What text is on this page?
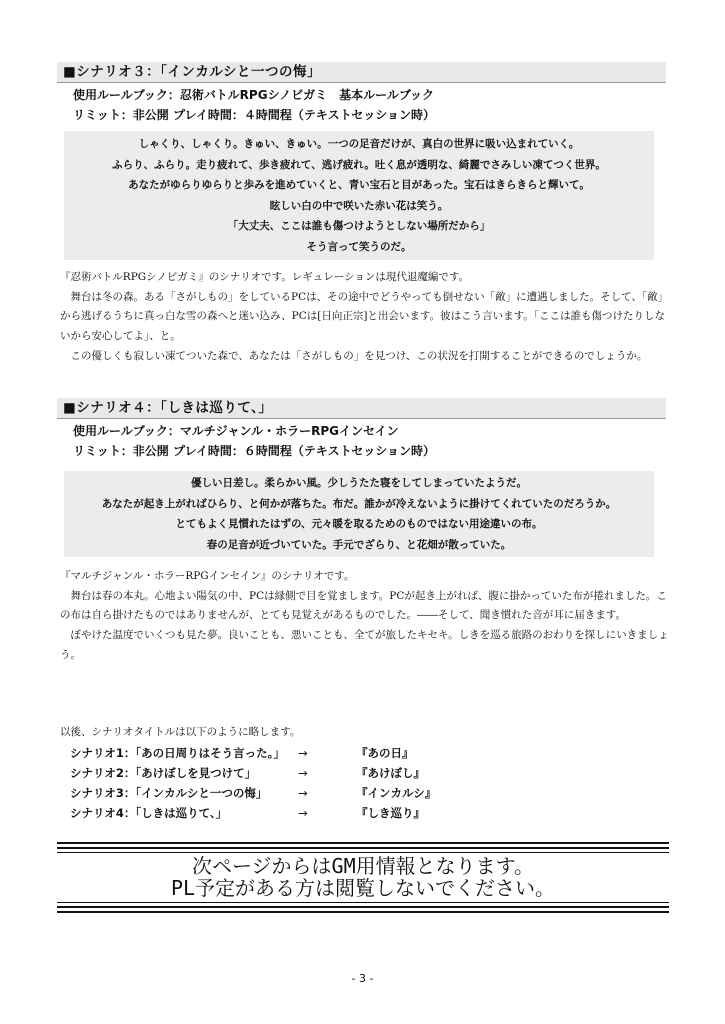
■シナリオ３：「インカルシと一つの悔」
使用ルールブック：忍術バトルRPGシノビガミ　基本ルールブック
リミット：非公開 プレイ時間：４時間程（テキストセッション時）
しゃくり、しゃくり。きゅい、きゅい。一つの足音だけが、真白の世界に吸い込まれていく。
ふらり、ふらり。走り疲れて、歩き疲れて、逃げ疲れ。吐く息が透明な、綺麗でさみしい凍てつく世界。
あなたがゆらりゆらりと歩みを進めていくと、青い宝石と目があった。宝石はきらきらと輝いて。
眩しい白の中で咲いた赤い花は笑う。
「大丈夫、ここは誰も傷つけようとしない場所だから」
そう言って笑うのだ。

『忍術バトルRPGシノビガミ』のシナリオです。レギュレーションは現代退魔編です。

舞台は冬の森。ある「さがしもの」をしているPCは、その途中でどうやっても倒せない「敵」に遭遇しました。そして、「敵」から逃げるうちに真っ白な雪の森へと迷い込み、PCは[日向正宗]と出会います。彼はこう言います。「ここは誰も傷つけたりしないから安心してよ」、と。

この優しくも寂しい凍てついた森で、あなたは「さがしもの」を見つけ、この状況を打開することができるのでしょうか。

■シナリオ４：「しきは巡りて、」
使用ルールブック：マルチジャンル・ホラーRPGインセイン
リミット：非公開 プレイ時間：６時間程（テキストセッション時）
優しい日差し。柔らかい風。少しうたた寝をしてしまっていたようだ。
あなたが起き上がればひらり、と何かが落ちた。布だ。誰かが冷えないように掛けてくれていたのだろうか。
とてもよく見慣れたはずの、元々暖を取るためのものではない用途違いの布。
春の足音が近づいていた。手元でざらり、と花畑が散っていた。

『マルチジャンル・ホラーRPGインセイン』のシナリオです。

舞台は春の本丸。心地よい陽気の中、PCは縁側で目を覚まします。PCが起き上がれば、腹に掛かっていた布が捲れました。この布は自ら掛けたものではありませんが、とても見覚えがあるものでした。――そして、聞き慣れた音が耳に届きます。

ぼやけた温度でいくつも見た夢。良いことも、悪いことも、全てが旅したキセキ。しきを巡る旅路のおわりを探しにいきましょう。

以後、シナリオタイトルは以下のように略します。
シナリオ1：「あの日周りはそう言った。」 →	『あの日』
シナリオ2：「あけぼしを見つけて」	→	『あけぼし』
シナリオ3：「インカルシと一つの悔」	→	『インカルシ』
シナリオ4：「しきは巡りて、」	→	『しき巡り』
次ページからはGM用情報となります。
PL予定がある方は閲覧しないでください。
- 3 -
